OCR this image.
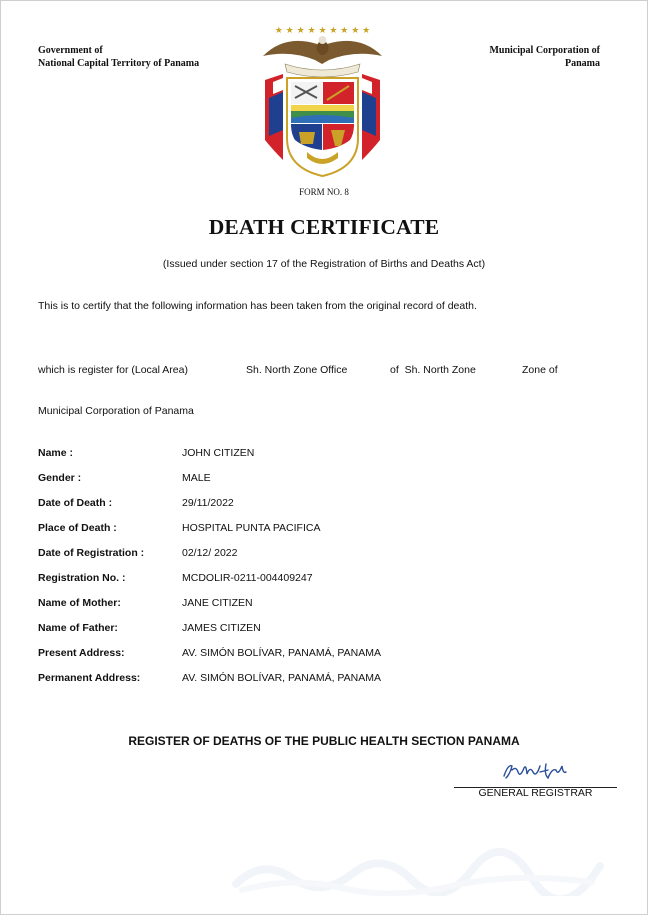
Government of
National Capital Territory of Panama
Municipal Corporation of
Panama
★ ★ ★ ★ ★ ★ ★ ★ ★
FORM NO. 8
DEATH CERTIFICATE
(Issued under section 17 of the Registration of Births and Deaths Act)
This is to certify that the following information has been taken from the original record of death.
which is register for (Local Area)	Sh. North Zone Office	of  Sh. North Zone	Zone of
Municipal Corporation of Panama
Name :	JOHN CITIZEN
Gender :	MALE
Date of Death :	29/11/2022
Place of Death :	HOSPITAL PUNTA PACIFICA
Date of Registration :	02/12/ 2022
Registration No. :	MCDOLIR-0211-004409247
Name of Mother:	JANE CITIZEN
Name of Father:	JAMES CITIZEN
Present Address:	AV. SIMÓN BOLÍVAR, PANAMÁ, PANAMA
Permanent Address:	AV. SIMÓN BOLÍVAR, PANAMÁ, PANAMA
REGISTER OF DEATHS OF THE PUBLIC HEALTH SECTION PANAMA
GENERAL REGISTRAR
